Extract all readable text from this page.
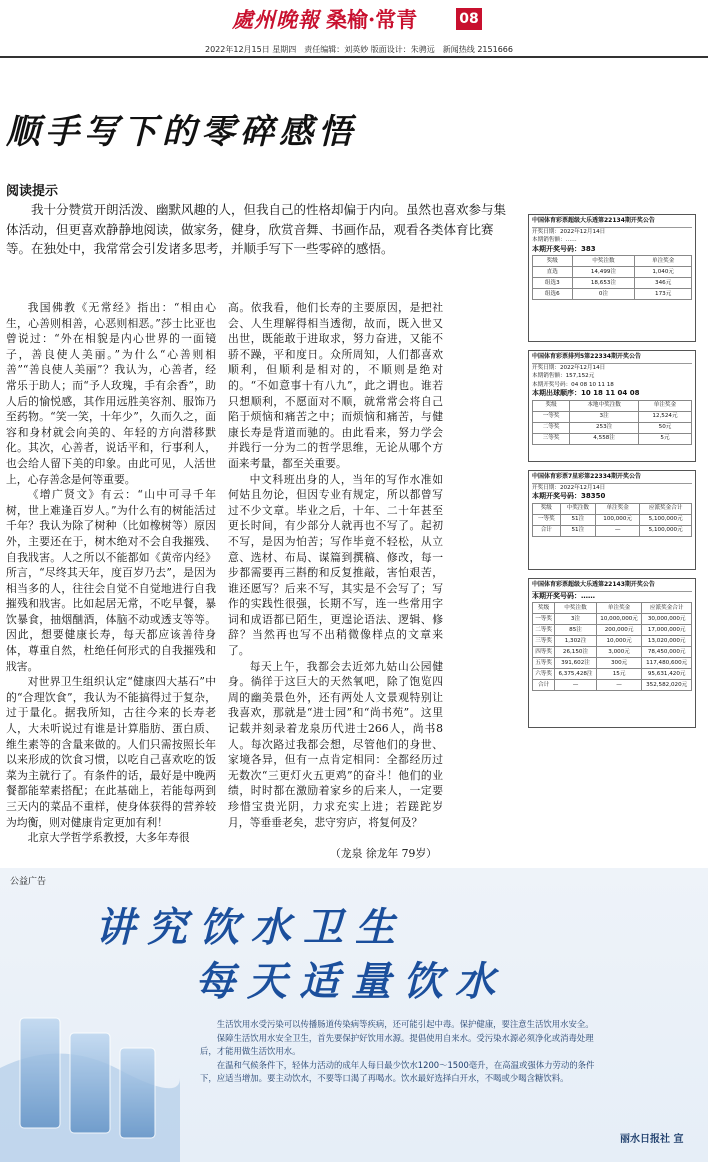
處州晚報 桑榆·常青	08
2022年12月15日 星期四　责任编辑：刘英妙 版面设计：朱骋远　新闻热线 2151666
顺手写下的零碎感悟
阅读提示
我十分赞赏开朗活泼、幽默风趣的人，但我自己的性格却偏于内向。虽然也喜欢参与集体活动，但更喜欢静静地阅读，做家务，健身，欣赏音舞、书画作品，观看各类体育比赛等。在独处中，我常常会引发诸多思考，并顺手写下一些零碎的感悟。

我国佛教《无常经》指出：“相由心生，心善则相善，心恶则相恶。”莎士比亚也曾说过：“外在相貌是内心世界的一面镜子，善良使人美丽。”为什么“心善则相善”“善良使人美丽”？我认为，心善者，经常乐于助人；而“予人玫瑰，手有余香”，助人后的愉悦感，其作用远胜美容剂、服饰乃至药物。“笑一笑，十年少”，久而久之，面容和身材就会向美的、年轻的方向潜移默化。其次，心善者，说话平和，行事利人，也会给人留下美的印象。由此可见，人活世上，心存善念是何等重要。

《增广贤文》有云：“山中可寻千年树，世上难逢百岁人。”为什么有的树能活过千年？我认为除了树种（比如橡树等）原因外，主要还在于，树木绝对不会自我摧残、自我戕害。人之所以不能都如《黄帝内经》所言，“尽终其天年，度百岁乃去”，是因为相当多的人，往往会自觉不自觉地进行自我摧残和戕害。比如起居无常，不吃早餐，暴饮暴食，抽烟酗酒，体脑不动或透支等等。因此，想要健康长寿，每天都应该善待身体，尊重自然，杜绝任何形式的自我摧残和戕害。

对世界卫生组织认定“健康四大基石”中的“合理饮食”，我认为不能搞得过于复杂，过于量化。据我所知，古往今来的长寿老人，大未听说过有谁是计算脂肪、蛋白质、维生素等的含量来做的。人们只需按照长年以来形成的饮食习惯，以吃自己喜欢吃的饭菜为主就行了。有条件的话，最好是中晚两餐都能荤素搭配；在此基础上，若能每两到三天内的菜品不重样，使身体获得的营养较为均衡，则对健康肯定更加有利！

北京大学哲学系教授，大多年寿很

高。依我看，他们长寿的主要原因，是把社会、人生理解得相当透彻，故而，既入世又出世，既能敢于进取求，努力奋进，又能不骄不躁，平和度日。众所周知，人们都喜欢顺利，但顺利是相对的，不顺则是绝对的。“不如意事十有八九”，此之谓也。谁若只想顺利，不愿面对不顺，就常常会将自己陷于烦恼和痛苦之中；而烦恼和痛苦，与健康长寿是背道而驰的。由此看来，努力学会并践行一分为二的哲学思维，无论从哪个方面来考量，都至关重要。

中文科班出身的人，当年的写作水准如何姑且勿论，但因专业有规定，所以都曾写过不少文章。毕业之后，十年、二十年甚至更长时间，有少部分人就再也不写了。起初不写，是因为怕苦；写作毕竟不轻松，从立意、选材、布局、谋篇到撰稿、修改，每一步都需要再三斟酌和反复推敲，害怕艰苦，谁还愿写？后来不写，其实是不会写了；写作的实践性很强，长期不写，连一些常用字词和成语都已陌生，更遑论语法、逻辑、修辞？当然再也写不出稍微像样点的文章来了。

每天上午，我都会去近郊九姑山公园健身。徜徉于这巨大的天然氧吧，除了饱览四周的幽美景色外，还有两处人文景观特别让我喜欢，那就是“进士园”和“尚书苑”。这里记载并刻录着龙泉历代进士266人，尚书8人。每次路过我都会想，尽管他们的身世、家境各异，但有一点肯定相同：全都经历过无数次“三更灯火五更鸡”的奋斗！他们的业绩，时时都在激励着家乡的后来人，一定要珍惜宝贵光阴，力求充实上进；若蹉跎岁月，等垂垂老矣，悲守穷庐，将复何及？

（龙泉 徐龙年 79岁）
中国体育彩票超级大乐透第22134期开奖公告
开奖日期：2022年12月14日
本期销售额：……
本期开奖号码：383
奖级	中奖注数	单注奖金
直选	14,499注	1,040元
组选3	18,653注	346元
组选6	0注	173元
中国体育彩票排列5第22334期开奖公告
开奖日期：2022年12月14日
本期销售额：157,152元
本期开奖号码：04 08 10 11 18
本期出球顺序：10 18 11 04 08
奖级	本地中奖注数	单注奖金
一等奖	3注	12,524元
二等奖	253注	50元
三等奖	4,558注	5元
中国体育彩票7星彩第22334期开奖公告
开奖日期：2022年12月14日
本期开奖号码：38350
奖级	中奖注数	单注奖金	应派奖金合计
一等奖	51注	100,000元	5,100,000元
合计	51注	—	5,100,000元
中国体育彩票超级大乐透第22143期开奖公告
本期开奖号码：……
奖级	中奖注数	单注奖金	应派奖金合计
一等奖	3注	10,000,000元	30,000,000元
二等奖	85注	200,000元	17,000,000元
三等奖	1,302注	10,000元	13,020,000元
四等奖	26,150注	3,000元	78,450,000元
五等奖	391,602注	300元	117,480,600元
六等奖	6,375,428注	15元	95,631,420元
合计	—	—	352,582,020元
公益广告
讲究饮水卫生
每天适量饮水

生活饮用水受污染可以传播肠道传染病等疾病，还可能引起中毒。保护健康，要注意生活饮用水安全。

保障生活饮用水安全卫生，首先要保护好饮用水源。提倡使用自来水。受污染水源必须净化或消毒处理后，才能用做生活饮用水。

在温和气候条件下，轻体力活动的成年人每日最少饮水1200～1500毫升，在高温或强体力劳动的条件下，应适当增加。要主动饮水，不要等口渴了再喝水。饮水最好选择白开水，不喝或少喝含糖饮料。

丽水日报社 宣
